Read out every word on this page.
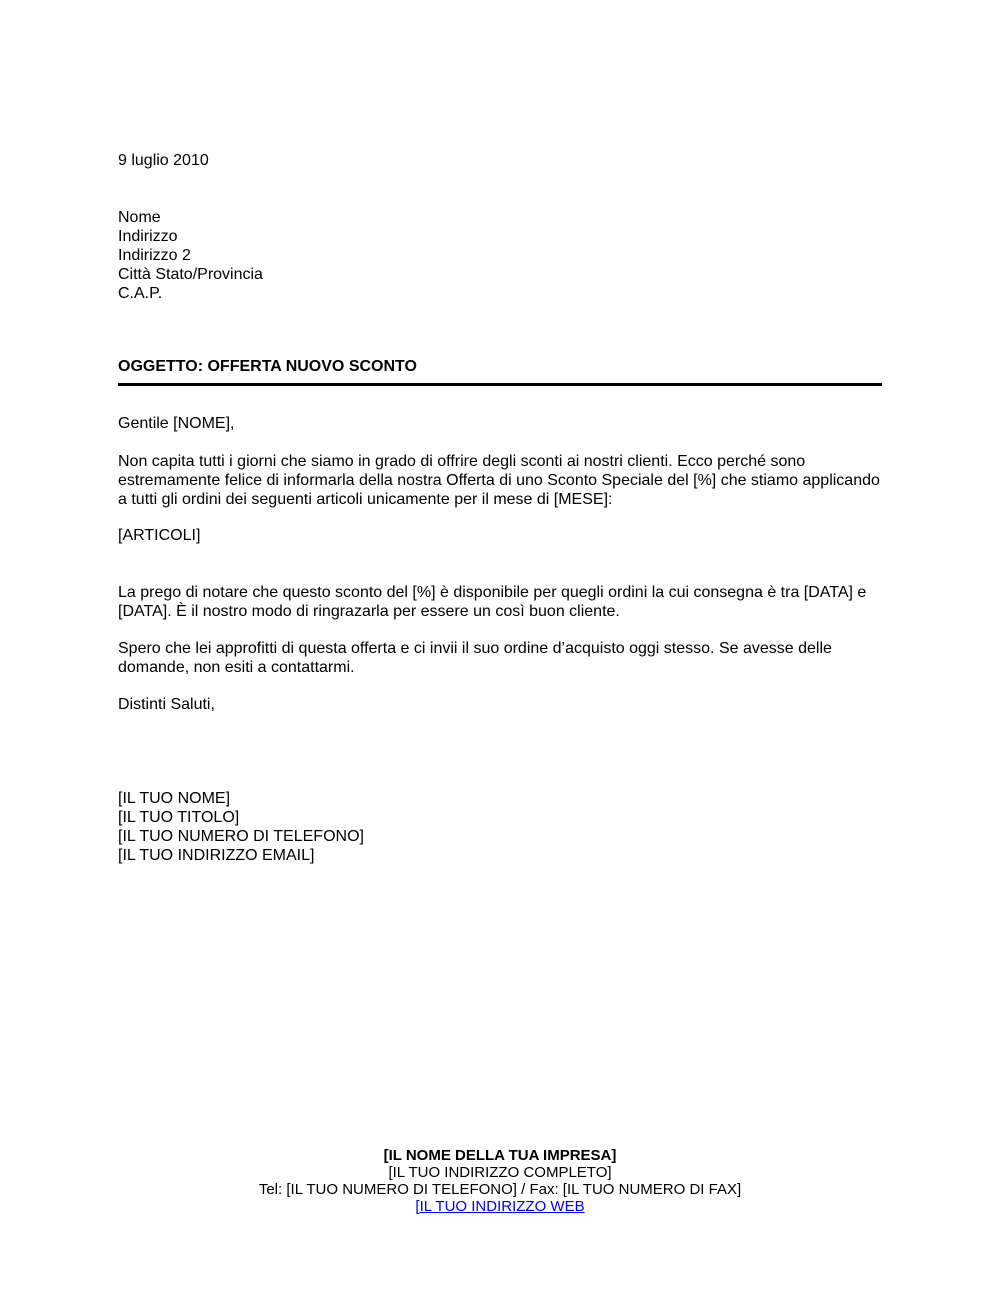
9 luglio 2010
Nome
Indirizzo
Indirizzo 2
Città Stato/Provincia
C.A.P.
OGGETTO: OFFERTA NUOVO SCONTO
Gentile [NOME],
Non capita tutti i giorni che siamo in grado di offrire degli sconti ai nostri clienti. Ecco perché sono estremamente felice di informarla della nostra Offerta di uno Sconto Speciale del [%] che stiamo applicando a tutti gli ordini dei seguenti articoli unicamente per il mese di [MESE]:
[ARTICOLI]
La prego di notare che questo sconto del [%] è disponibile per quegli ordini la cui consegna è tra [DATA] e [DATA]. È il nostro modo di ringrazarla per essere un così buon cliente.
Spero che lei approfitti di questa offerta e ci invii il suo ordine d’acquisto oggi stesso. Se avesse delle domande, non esiti a contattarmi.
Distinti Saluti,
[IL TUO NOME]
[IL TUO TITOLO]
[IL TUO NUMERO DI TELEFONO]
[IL TUO INDIRIZZO EMAIL]
[IL NOME DELLA TUA IMPRESA]
[IL TUO INDIRIZZO COMPLETO]
Tel: [IL TUO NUMERO DI TELEFONO] / Fax: [IL TUO NUMERO DI FAX]
[IL TUO INDIRIZZO WEB
